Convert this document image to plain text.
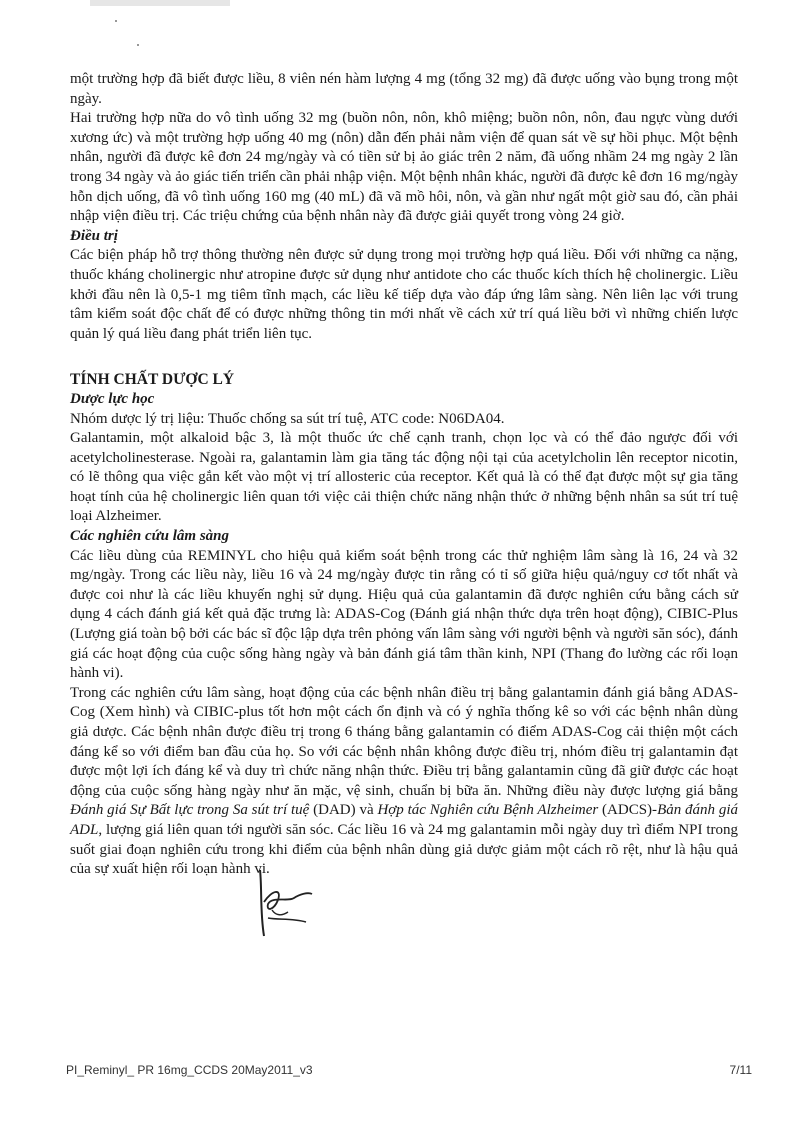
một trường hợp đã biết được liều, 8 viên nén hàm lượng 4 mg (tổng 32 mg) đã được uống vào bụng trong một ngày.

Hai trường hợp nữa do vô tình uống 32 mg (buồn nôn, nôn, khô miệng; buồn nôn, nôn, đau ngực vùng dưới xương ức) và một trường hợp uống 40 mg (nôn) dẫn đến phải nằm viện để quan sát về sự hồi phục. Một bệnh nhân, người đã được kê đơn 24 mg/ngày và có tiền sử bị ảo giác trên 2 năm, đã uống nhầm 24 mg ngày 2 lần trong 34 ngày và ảo giác tiến triển cần phải nhập viện. Một bệnh nhân khác, người đã được kê đơn 16 mg/ngày hỗn dịch uống, đã vô tình uống 160 mg (40 mL) đã vã mồ hôi, nôn, và gần như ngất một giờ sau đó, cần phải nhập viện điều trị. Các triệu chứng của bệnh nhân này đã được giải quyết trong vòng 24 giờ.

Điều trị

Các biện pháp hỗ trợ thông thường nên được sử dụng trong mọi trường hợp quá liều. Đối với những ca nặng, thuốc kháng cholinergic như atropine được sử dụng như antidote cho các thuốc kích thích hệ cholinergic. Liều khởi đầu nên là 0,5-1 mg tiêm tĩnh mạch, các liều kế tiếp dựa vào đáp ứng lâm sàng. Nên liên lạc với trung tâm kiểm soát độc chất để có được những thông tin mới nhất về cách xử trí quá liều bởi vì những chiến lược quản lý quá liều đang phát triển liên tục.

TÍNH CHẤT DƯỢC LÝ
Dược lực học

Nhóm dược lý trị liệu: Thuốc chống sa sút trí tuệ, ATC code: N06DA04.

Galantamin, một alkaloid bậc 3, là một thuốc ức chế cạnh tranh, chọn lọc và có thể đảo ngược đối với acetylcholinesterase. Ngoài ra, galantamin làm gia tăng tác động nội tại của acetylcholin lên receptor nicotin, có lẽ thông qua việc gắn kết vào một vị trí allosteric của receptor. Kết quả là có thể đạt được một sự gia tăng hoạt tính của hệ cholinergic liên quan tới việc cải thiện chức năng nhận thức ở những bệnh nhân sa sút trí tuệ loại Alzheimer.

Các nghiên cứu lâm sàng

Các liều dùng của REMINYL cho hiệu quả kiểm soát bệnh trong các thử nghiệm lâm sàng là 16, 24 và 32 mg/ngày. Trong các liều này, liều 16 và 24 mg/ngày được tin rằng có tỉ số giữa hiệu quả/nguy cơ tốt nhất và được coi như là các liều khuyến nghị sử dụng. Hiệu quả của galantamin đã được nghiên cứu bằng cách sử dụng 4 cách đánh giá kết quả đặc trưng là: ADAS-Cog (Đánh giá nhận thức dựa trên hoạt động), CIBIC-Plus (Lượng giá toàn bộ bởi các bác sĩ độc lập dựa trên phỏng vấn lâm sàng với người bệnh và người săn sóc), đánh giá các hoạt động của cuộc sống hàng ngày và bản đánh giá tâm thần kinh, NPI (Thang đo lường các rối loạn hành vi).

Trong các nghiên cứu lâm sàng, hoạt động của các bệnh nhân điều trị bằng galantamin đánh giá bằng ADAS-Cog (Xem hình) và CIBIC-plus tốt hơn một cách ổn định và có ý nghĩa thống kê so với các bệnh nhân dùng giả dược. Các bệnh nhân được điều trị trong 6 tháng bằng galantamin có điểm ADAS-Cog cải thiện một cách đáng kể so với điểm ban đầu của họ. So với các bệnh nhân không được điều trị, nhóm điều trị galantamin đạt được một lợi ích đáng kể và duy trì chức năng nhận thức. Điều trị bằng galantamin cũng đã giữ được các hoạt động của cuộc sống hàng ngày như ăn mặc, vệ sinh, chuẩn bị bữa ăn. Những điều này được lượng giá bằng Đánh giá Sự Bất lực trong Sa sút trí tuệ (DAD) và Hợp tác Nghiên cứu Bệnh Alzheimer (ADCS)-Bản đánh giá ADL, lượng giá liên quan tới người săn sóc. Các liều 16 và 24 mg galantamin mỗi ngày duy trì điểm NPI trong suốt giai đoạn nghiên cứu trong khi điểm của bệnh nhân dùng giả dược giảm một cách rõ rệt, như là hậu quả của sự xuất hiện rối loạn hành vi.

PI_Reminyl_ PR 16mg_CCDS 20May2011_v3	7/11
